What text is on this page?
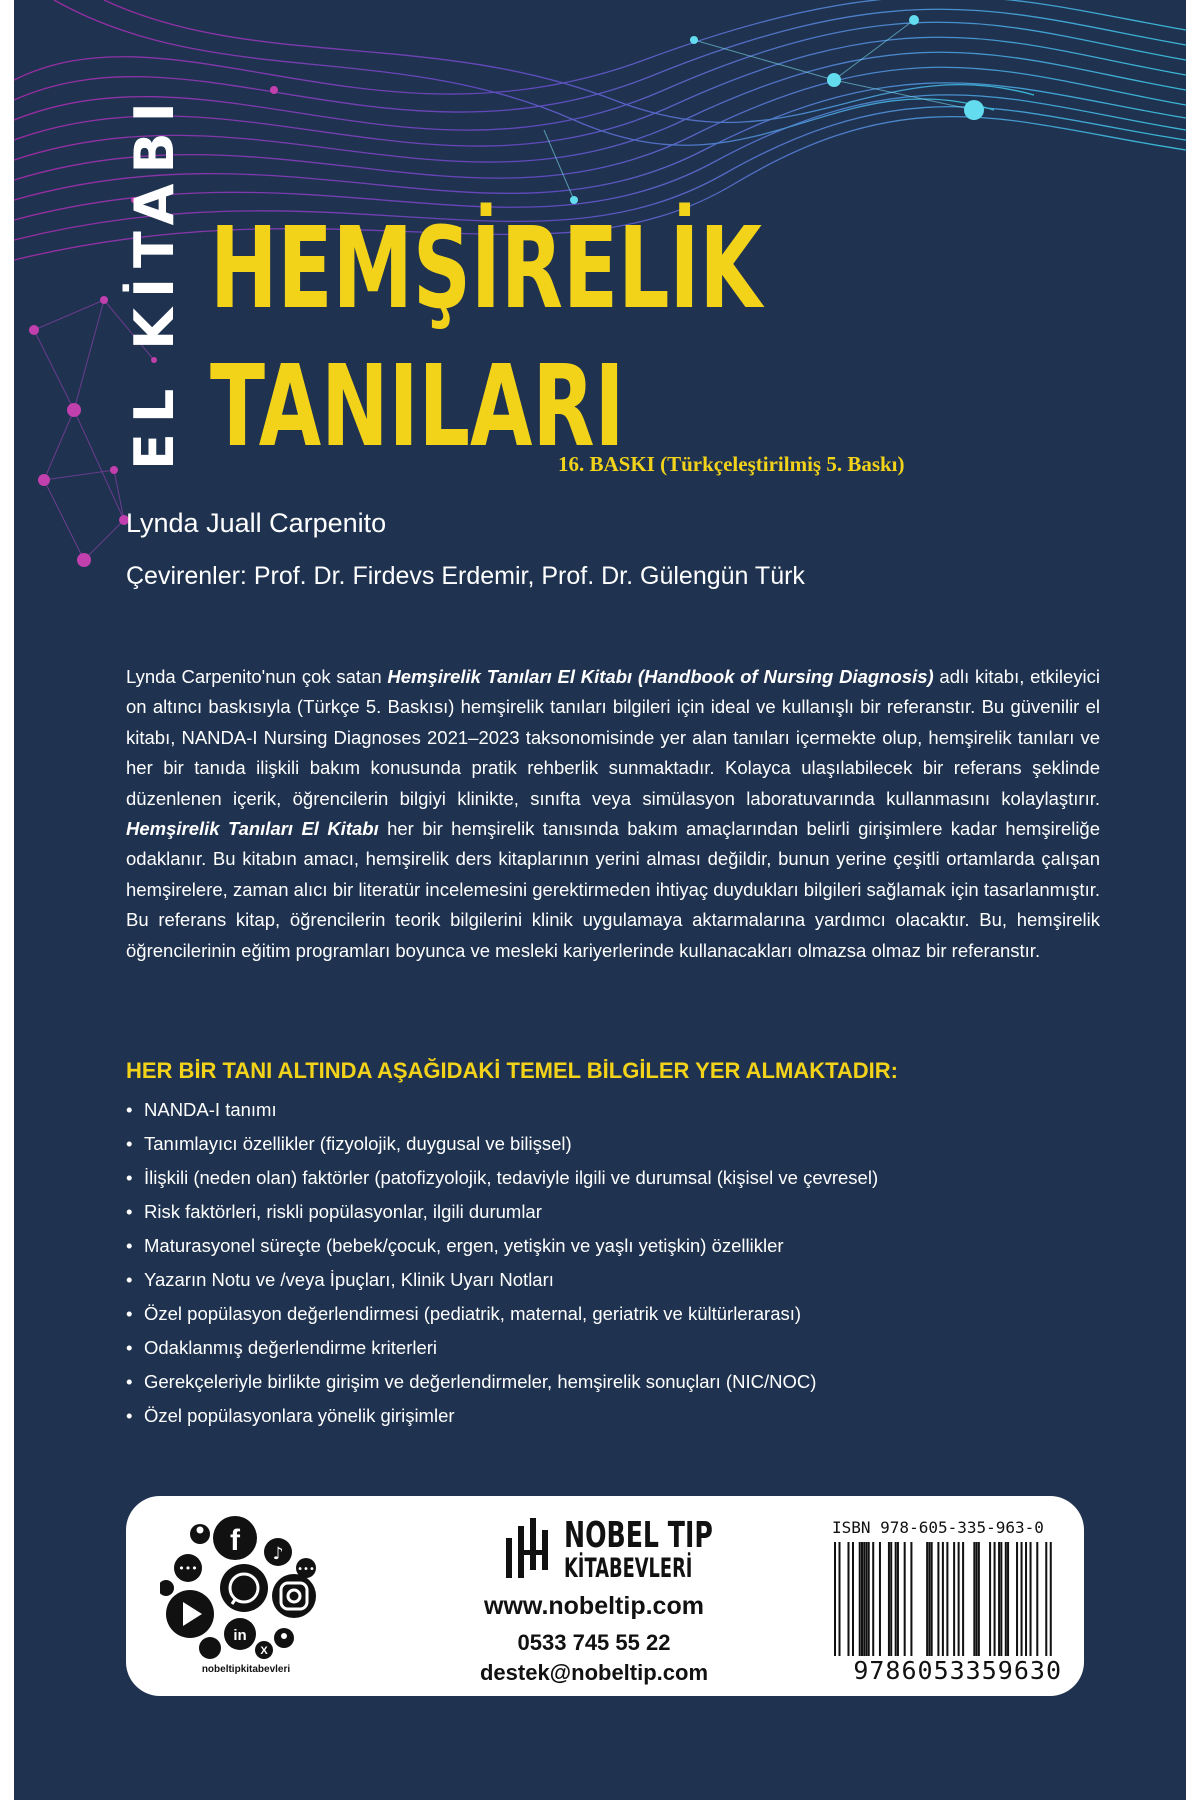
EL KİTABI HEMŞİRELİK
TANILARI
16. BASKI (Türkçeleştirilmiş 5. Baskı)
Lynda Juall Carpenito
Çevirenler: Prof. Dr. Firdevs Erdemir, Prof. Dr. Gülengün Türk

Lynda Carpenito'nun çok satan Hemşirelik Tanıları El Kitabı (Handbook of Nursing Diagnosis) adlı kitabı, etkileyici on altıncı baskısıyla (Türkçe 5. Baskısı) hemşirelik tanıları bilgileri için ideal ve kullanışlı bir referanstır. Bu güvenilir el kitabı, NANDA-I Nursing Diagnoses 2021–2023 taksonomisinde yer alan tanıları içermekte olup, hemşirelik tanıları ve her bir tanıda ilişkili bakım konusunda pratik rehberlik sunmaktadır. Kolayca ulaşılabilecek bir referans şeklinde düzenlenen içerik, öğrencilerin bilgiyi klinikte, sınıfta veya simülasyon laboratuvarında kullanmasını kolaylaştırır. Hemşirelik Tanıları El Kitabı her bir hemşirelik tanısında bakım amaçlarından belirli girişimlere kadar hemşireliğe odaklanır. Bu kitabın amacı, hemşirelik ders kitaplarının yerini alması değildir, bunun yerine çeşitli ortamlarda çalışan hemşirelere, zaman alıcı bir literatür incelemesini gerektirmeden ihtiyaç duydukları bilgileri sağlamak için tasarlanmıştır. Bu referans kitap, öğrencilerin teorik bilgilerini klinik uygulamaya aktarmalarına yardımcı olacaktır. Bu, hemşirelik öğrencilerinin eğitim programları boyunca ve mesleki kariyerlerinde kullanacakları olmazsa olmaz bir referanstır.

HER BİR TANI ALTINDA AŞAĞIDAKİ TEMEL BİLGİLER YER ALMAKTADIR:
• NANDA-I tanımı
• Tanımlayıcı özellikler (fizyolojik, duygusal ve bilişsel)
• İlişkili (neden olan) faktörler (patofizyolojik, tedaviyle ilgili ve durumsal (kişisel ve çevresel)
• Risk faktörleri, riskli popülasyonlar, ilgili durumlar
• Maturasyonel süreçte (bebek/çocuk, ergen, yetişkin ve yaşlı yetişkin) özellikler
• Yazarın Notu ve /veya İpuçları, Klinik Uyarı Notları
• Özel popülasyon değerlendirmesi (pediatrik, maternal, geriatrik ve kültürlerarası)
• Odaklanmış değerlendirme kriterleri
• Gerekçeleriyle birlikte girişim ve değerlendirmeler, hemşirelik sonuçları (NIC/NOC)
• Özel popülasyonlara yönelik girişimler
f ♪
•••
•••
in
X
nobeltipkitabevleri
NOBEL TIP
KİTABEVLERİ
www.nobeltip.com
0533 745 55 22
destek@nobeltip.com
ISBN 978-605-335-963-0
9786053359630
